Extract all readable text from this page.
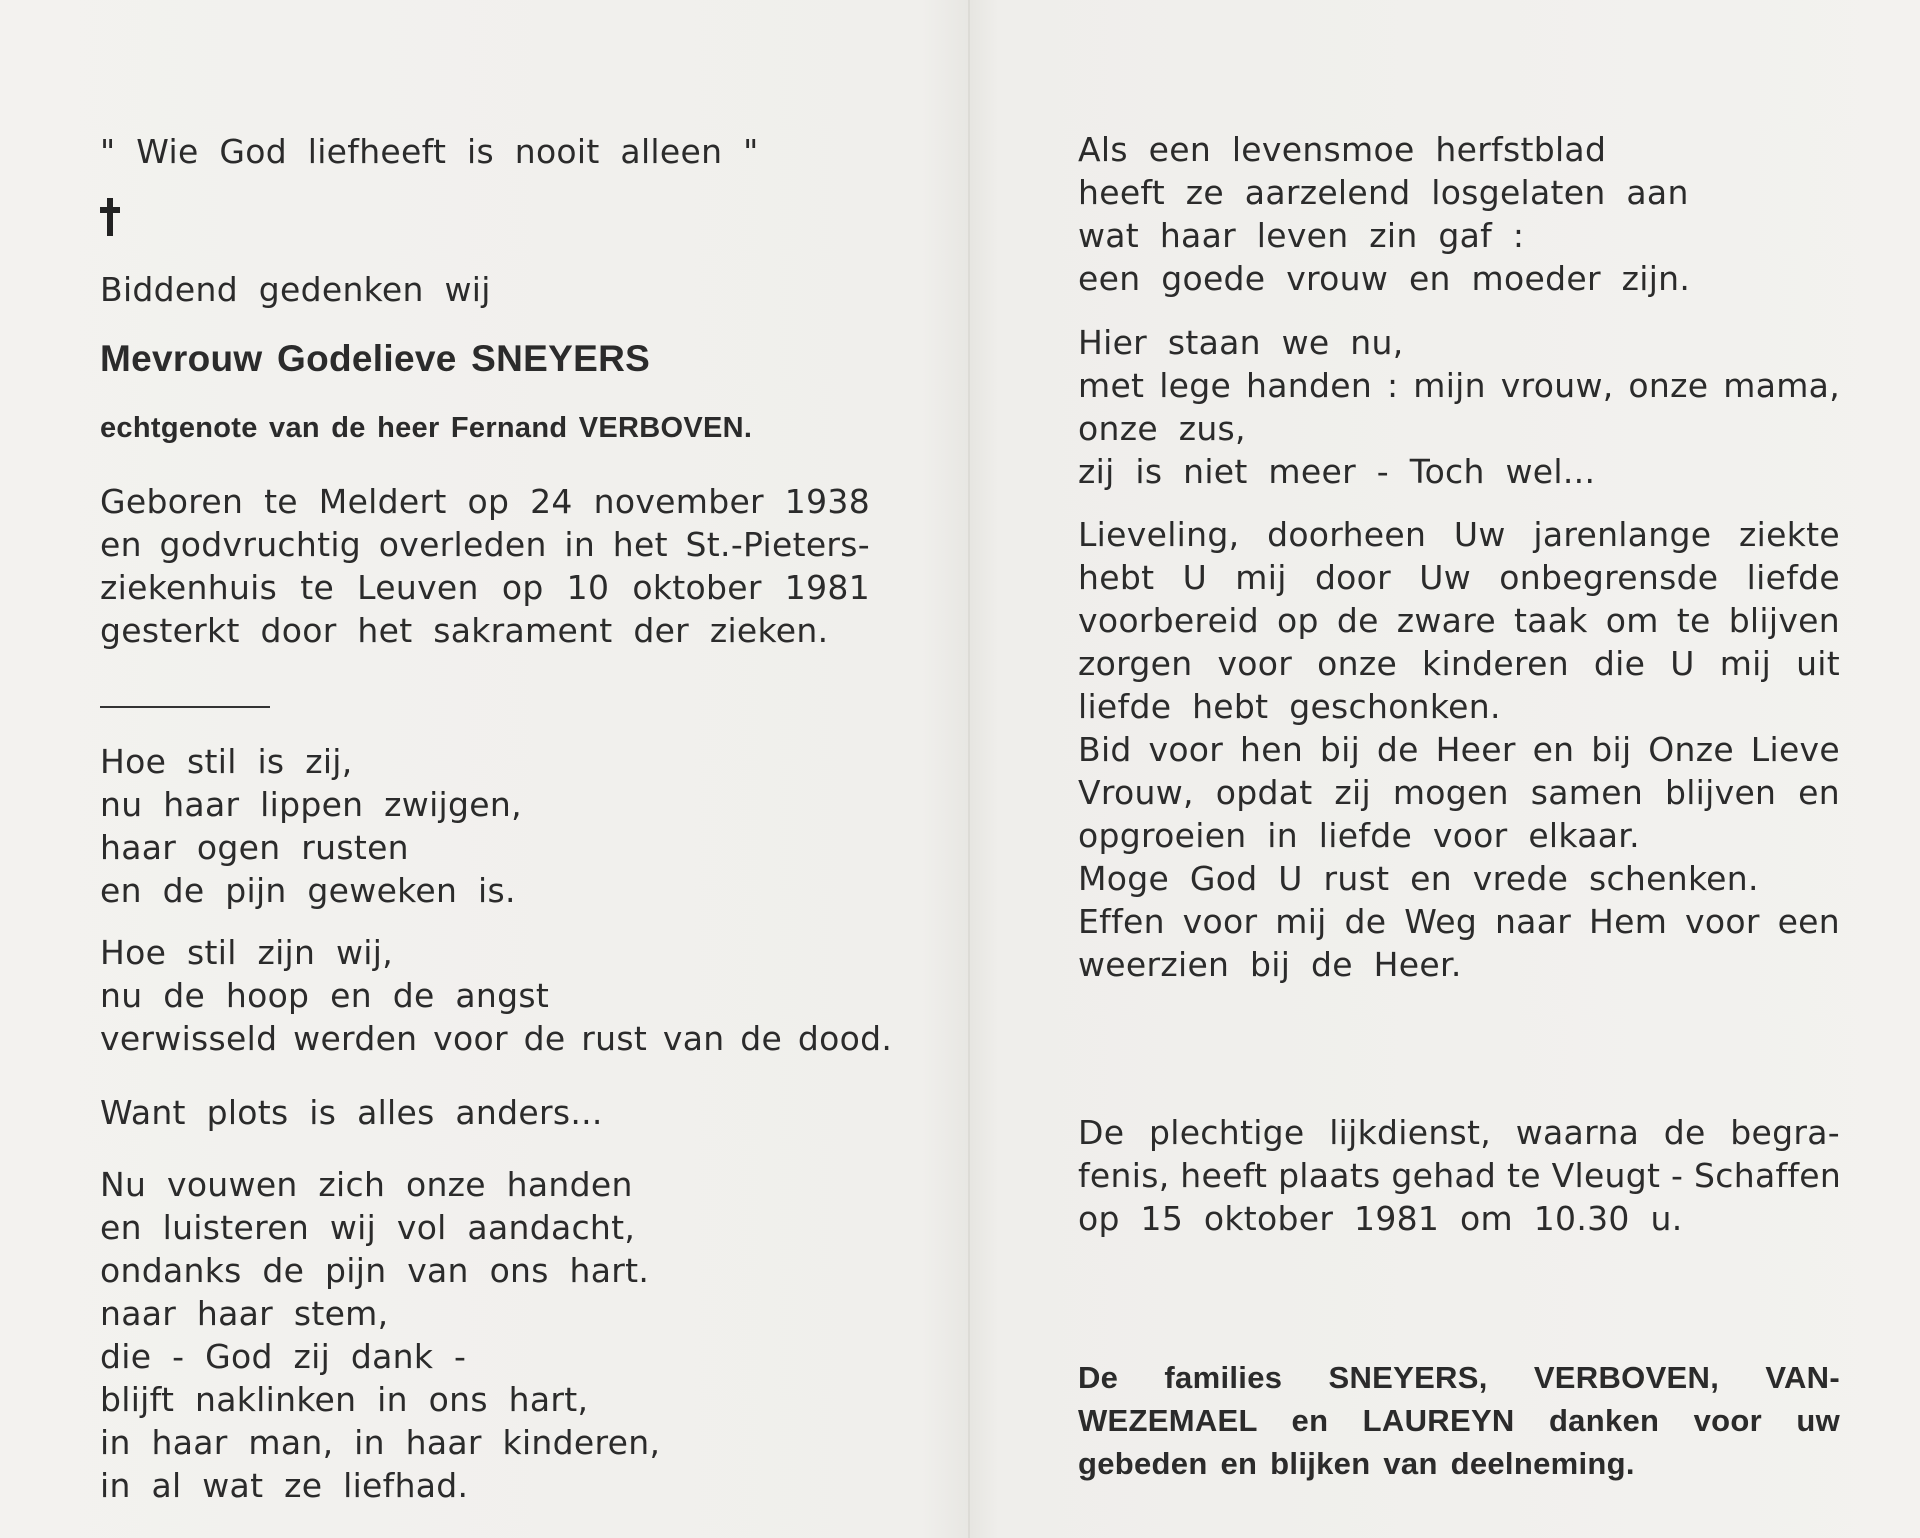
" Wie God liefheeft is nooit alleen "
Biddend gedenken wij
Mevrouw Godelieve SNEYERS
echtgenote van de heer Fernand VERBOVEN.
Geboren te Meldert op 24 november 1938
en godvruchtig overleden in het St.-Pieters-
ziekenhuis te Leuven op 10 oktober 1981
gesterkt door het sakrament der zieken.
Hoe stil is zij,
nu haar lippen zwijgen,
haar ogen rusten
en de pijn geweken is.
Hoe stil zijn wij,
nu de hoop en de angst
verwisseld werden voor de rust van de dood.
Want plots is alles anders...
Nu vouwen zich onze handen
en luisteren wij vol aandacht,
ondanks de pijn van ons hart.
naar haar stem,
die - God zij dank -
blijft naklinken in ons hart,
in haar man, in haar kinderen,
in al wat ze liefhad.
Als een levensmoe herfstblad
heeft ze aarzelend losgelaten aan
wat haar leven zin gaf :
een goede vrouw en moeder zijn.
Hier staan we nu,
met lege handen : mijn vrouw, onze mama,
onze zus,
zij is niet meer - Toch wel...
Lieveling, doorheen Uw jarenlange ziekte
hebt U mij door Uw onbegrensde liefde
voorbereid op de zware taak om te blijven
zorgen voor onze kinderen die U mij uit
liefde hebt geschonken.
Bid voor hen bij de Heer en bij Onze Lieve
Vrouw, opdat zij mogen samen blijven en
opgroeien in liefde voor elkaar.
Moge God U rust en vrede schenken.
Effen voor mij de Weg naar Hem voor een
weerzien bij de Heer.
De plechtige lijkdienst, waarna de begra-
fenis, heeft plaats gehad te Vleugt - Schaffen
op 15 oktober 1981 om 10.30 u.
De families SNEYERS, VERBOVEN, VAN-
WEZEMAEL en LAUREYN danken voor uw
gebeden en blijken van deelneming.
